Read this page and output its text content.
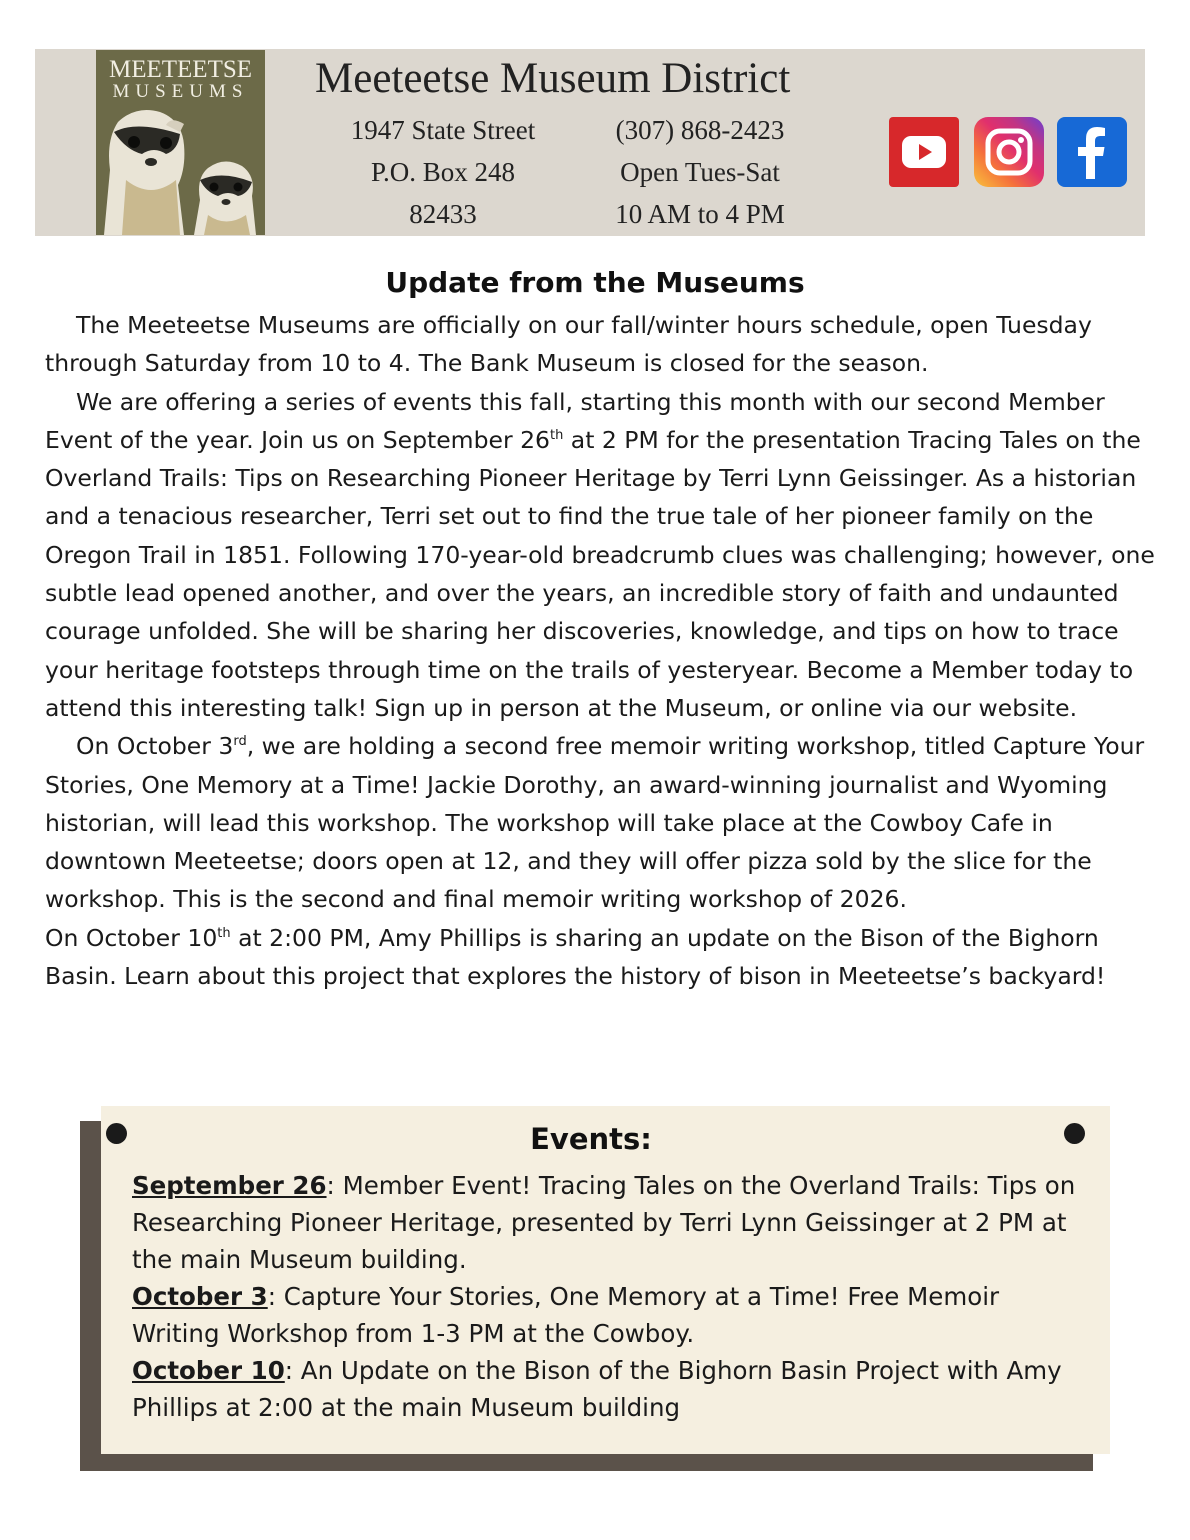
MEETEETSE
MUSEUMS	Meeteetse Museum District
1947 State Street
P.O. Box 248
82433
(307) 868-2423
Open Tues-Sat
10 AM to 4 PM
Update from the Museums

The Meeteetse Museums are officially on our fall/winter hours schedule, open Tuesday through Saturday from 10 to 4. The Bank Museum is closed for the season.

We are offering a series of events this fall, starting this month with our second Member Event of the year. Join us on September 26th at 2 PM for the presentation Tracing Tales on the Overland Trails: Tips on Researching Pioneer Heritage by Terri Lynn Geissinger. As a historian and a tenacious researcher, Terri set out to find the true tale of her pioneer family on the Oregon Trail in 1851. Following 170-year-old breadcrumb clues was challenging; however, one subtle lead opened another, and over the years, an incredible story of faith and undaunted courage unfolded. She will be sharing her discoveries, knowledge, and tips on how to trace your heritage footsteps through time on the trails of yesteryear. Become a Member today to attend this interesting talk! Sign up in person at the Museum, or online via our website.

On October 3rd, we are holding a second free memoir writing workshop, titled Capture Your Stories, One Memory at a Time! Jackie Dorothy, an award-winning journalist and Wyoming historian, will lead this workshop. The workshop will take place at the Cowboy Cafe in downtown Meeteetse; doors open at 12, and they will offer pizza sold by the slice for the workshop. This is the second and final memoir writing workshop of 2026.

On October 10th at 2:00 PM, Amy Phillips is sharing an update on the Bison of the Bighorn Basin. Learn about this project that explores the history of bison in Meeteetse’s backyard!

Events:

September 26: Member Event! Tracing Tales on the Overland Trails: Tips on Researching Pioneer Heritage, presented by Terri Lynn Geissinger at 2 PM at the main Museum building.

October 3: Capture Your Stories, One Memory at a Time! Free Memoir Writing Workshop from 1-3 PM at the Cowboy.

October 10: An Update on the Bison of the Bighorn Basin Project with Amy Phillips at 2:00 at the main Museum building
